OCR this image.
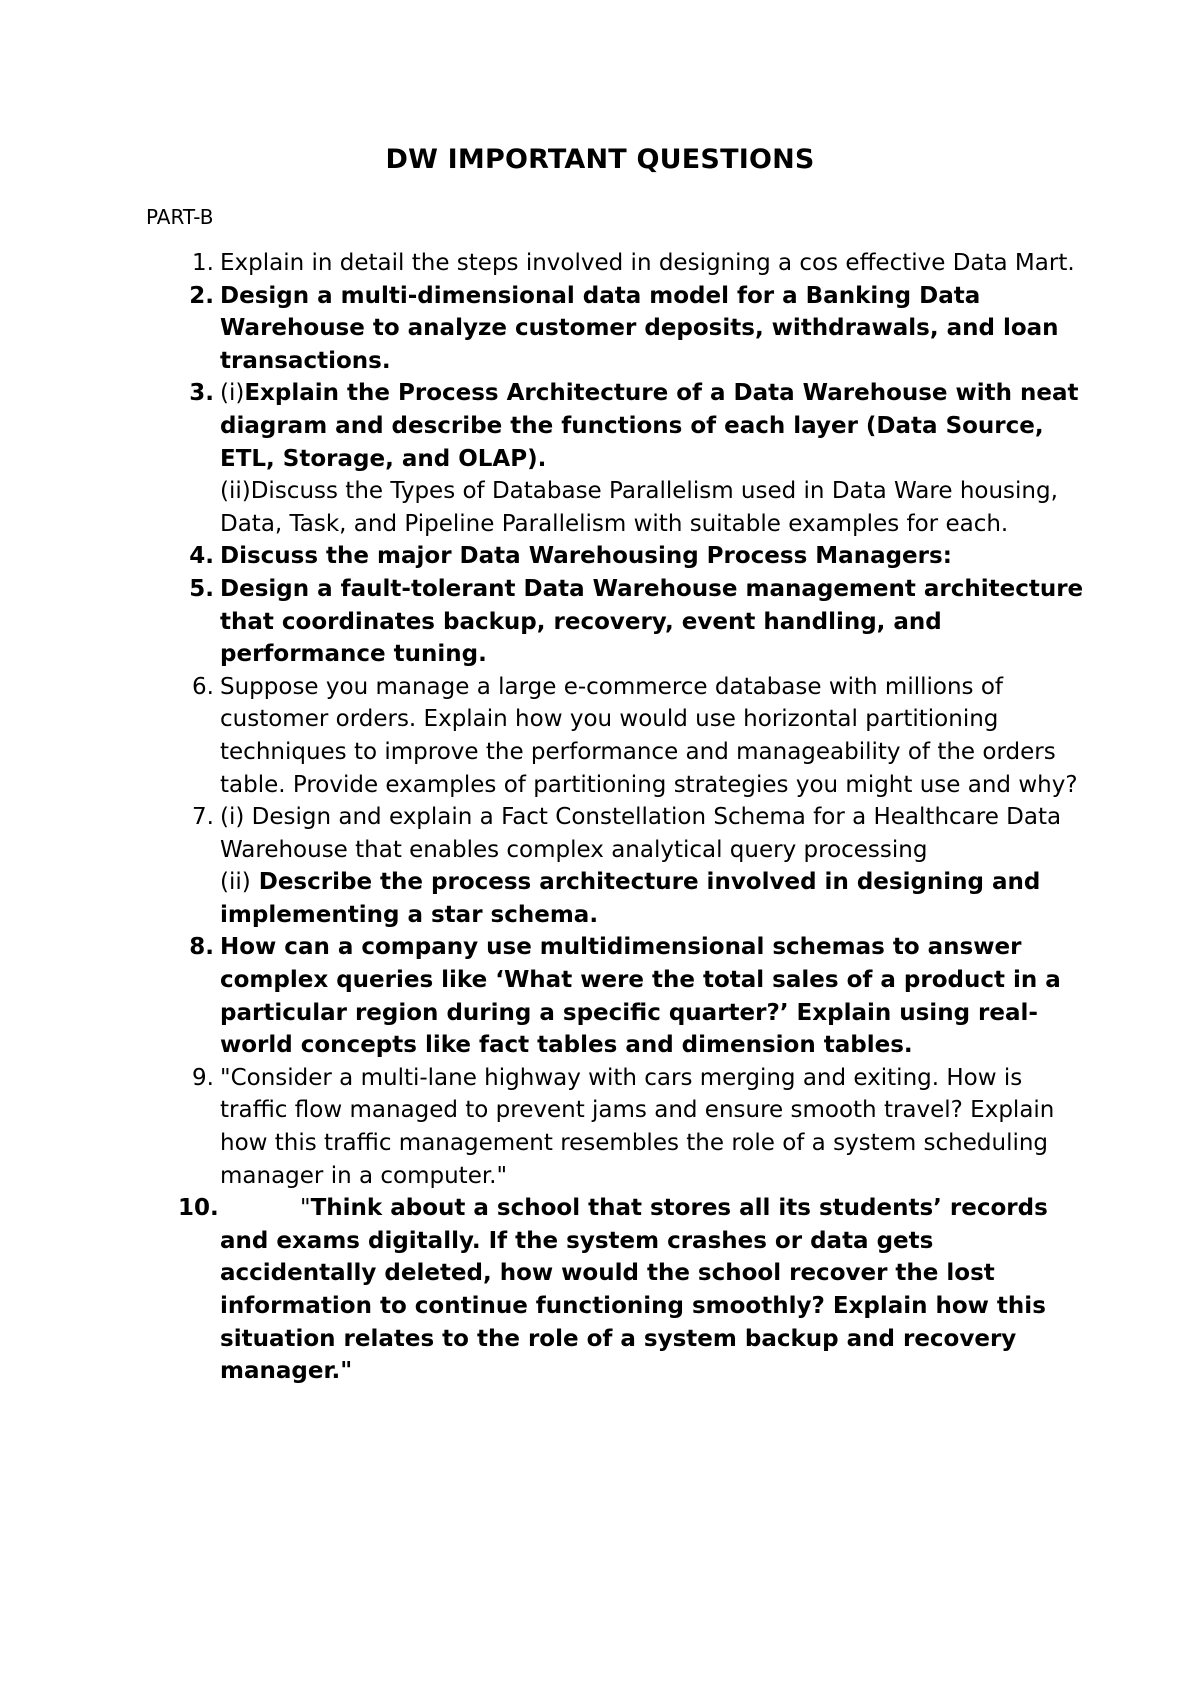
DW IMPORTANT QUESTIONS
PART-B
1. Explain in detail the steps involved in designing a cos effective Data Mart.
2. Design a multi-dimensional data model for a Banking Data Warehouse to analyze customer deposits, withdrawals, and loan transactions.
3. (i)Explain the Process Architecture of a Data Warehouse with neat diagram and describe the functions of each layer (Data Source, ETL, Storage, and OLAP).
(ii)Discuss the Types of Database Parallelism used in Data Ware housing, Data, Task, and Pipeline Parallelism with suitable examples for each.
4. Discuss the major Data Warehousing Process Managers:
5. Design a fault-tolerant Data Warehouse management architecture that coordinates backup, recovery, event handling, and performance tuning.
6. Suppose you manage a large e-commerce database with millions of customer orders. Explain how you would use horizontal partitioning techniques to improve the performance and manageability of the orders table. Provide examples of partitioning strategies you might use and why?
7. (i) Design and explain a Fact Constellation Schema for a Healthcare Data Warehouse that enables complex analytical query processing
(ii) Describe the process architecture involved in designing and implementing a star schema.
8. How can a company use multidimensional schemas to answer complex queries like ‘What were the total sales of a product in a particular region during a specific quarter?’ Explain using real-world concepts like fact tables and dimension tables.
9. "Consider a multi-lane highway with cars merging and exiting. How is traffic flow managed to prevent jams and ensure smooth travel? Explain how this traffic management resembles the role of a system scheduling manager in a computer."
10.	"Think about a school that stores all its students’ records and exams digitally. If the system crashes or data gets accidentally deleted, how would the school recover the lost information to continue functioning smoothly? Explain how this situation relates to the role of a system backup and recovery manager."
